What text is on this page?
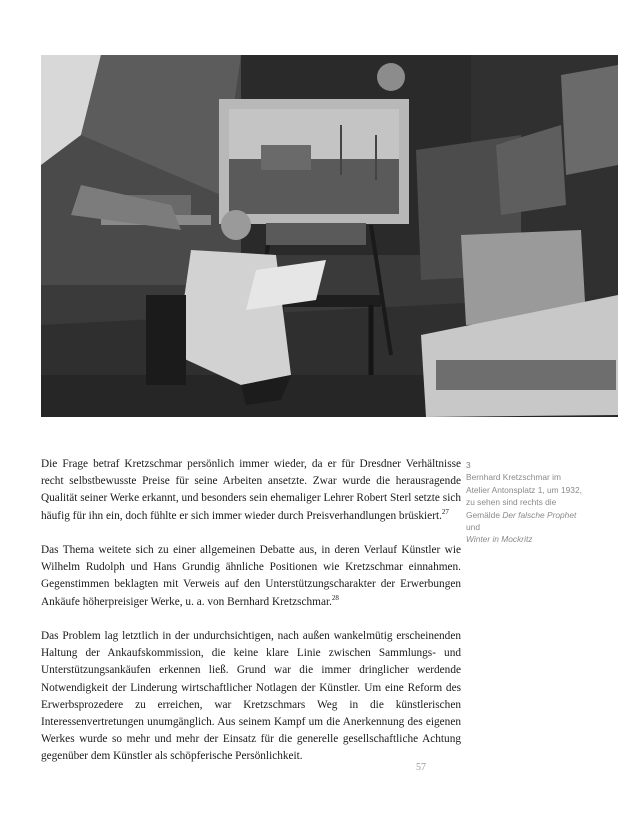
Die Frage betraf Kretzschmar persönlich immer wieder, da er für Dresdner Verhältnisse recht selbstbewusste Preise für seine Arbeiten ansetzte. Zwar wurde die herausragende Qualität seiner Werke erkannt, und besonders sein ehemaliger Lehrer Robert Sterl setzte sich häufig für ihn ein, doch fühlte er sich immer wieder durch Preisverhandlungen brüskiert.$^{27}$

Das Thema weitete sich zu einer allgemeinen Debatte aus, in deren Verlauf Künstler wie Wilhelm Rudolph und Hans Grundig ähnliche Positionen wie Kretzschmar einnahmen. Gegenstimmen beklagten mit Verweis auf den Unterstützungscharakter der Erwerbungen Ankäufe höherpreisiger Werke, u. a. von Bernhard Kretzschmar.$^{28}$

Das Problem lag letztlich in der undurchsichtigen, nach außen wankelmütig erscheinenden Haltung der Ankaufskommission, die keine klare Linie zwischen Sammlungs- und Unterstützungsankäufen erkennen ließ. Grund war die immer dringlicher werdende Notwendigkeit der Linderung wirtschaftlicher Notlagen der Künstler. Um eine Reform des Erwerbsprozedere zu erreichen, war Kretzschmars Weg in die künstlerischen Interessenvertretungen unumgänglich. Aus seinem Kampf um die Anerkennung des eigenen Werkes wurde so mehr und mehr der Einsatz für die generelle gesellschaftliche Achtung gegenüber dem Künstler als schöpferische Persönlichkeit.

3
Bernhard Kretzschmar im Atelier Antonsplatz 1, um 1932, zu sehen sind rechts die Gemälde Der falsche Prophet und
Winter in Mockritz
57
